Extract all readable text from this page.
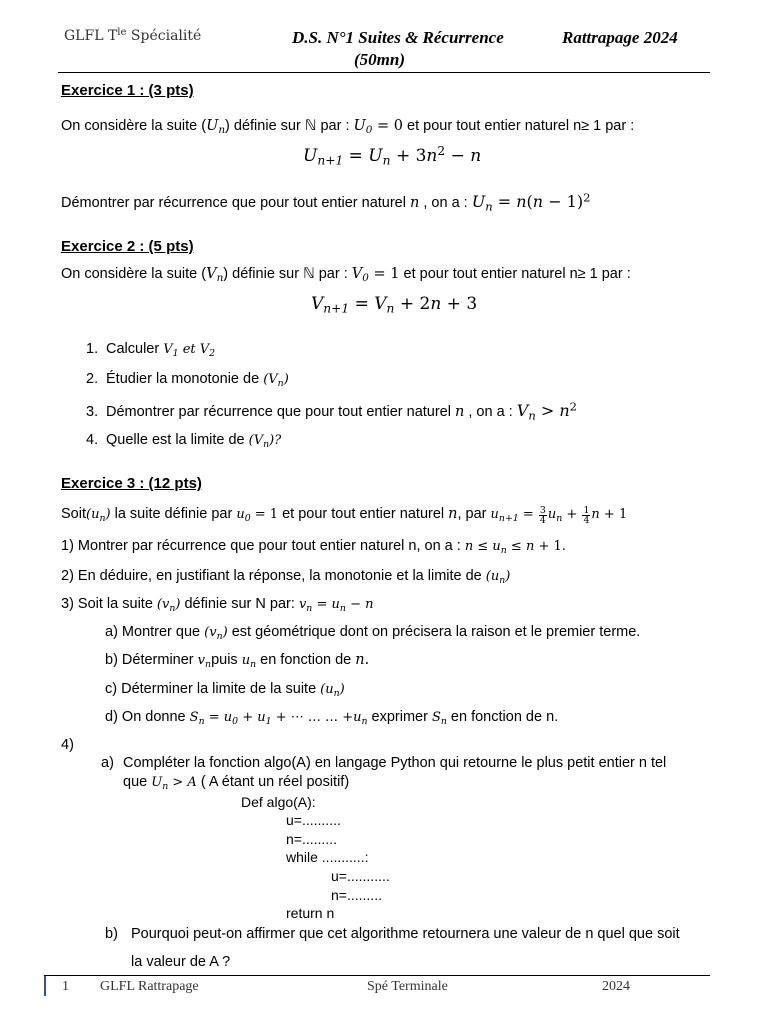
GLFL $T^{le}$ Spécialité	D.S. N°1 Suites & Récurrence	Rattrapage 2024
(50mn)
Exercice 1 : (3 pts)
On considère la suite $(U_n)$ définie sur ℕ par : $U_0 = 0$ et pour tout entier naturel n≥ 1 par :
$U_{n+1} = U_n + 3n^2 - n$
Démontrer par récurrence que pour tout entier naturel n , on a : $U_n = n(n - 1)^2$
Exercice 2 : (5 pts)
On considère la suite $(V_n)$ définie sur ℕ par : $V_0 = 1$ et pour tout entier naturel n≥ 1 par :
$V_{n+1} = V_n + 2n + 3$
1. Calculer $V_1$ et $V_2$
2. Étudier la monotonie de $(V_n)$
3. Démontrer par récurrence que pour tout entier naturel n , on a : $V_n > n^2$
4. Quelle est la limite de $(V_n)$?
Exercice 3 : (12 pts)
$Soit(u_n)$ la suite définie par $u_0 = 1$ et pour tout entier naturel n, par $u_{n+1} = \frac{3}{4} u_n + \frac{1}{4}$ n + 1
1) Montrer par récurrence que pour tout entier naturel n, on a : $n \le u_n \le n + 1$.
2) En déduire, en justifiant la réponse, la monotonie et la limite de $(u_n)$
3) Soit la suite $(v_n)$ définie sur N par: $v_n = u_n - n$
a) Montrer que $(v_n)$ est géométrique dont on précisera la raison et le premier terme.
b) Déterminer $v_npuis$ $u_n$ en fonction de n.
c) Déterminer la limite de la suite $(u_n)$
d) On donne $S_n = u_0 + u_1$ + ⋯ … … $+u_n$ exprimer $S_n$ en fonction de n.
4)
a) Compléter la fonction algo(A) en langage Python qui retourne le plus petit entier n tel
que $U_n > A$ ( A étant un réel positif)
Def algo(A):
u=..........
n=.........
while ...........:
u=...........
n=.........
return n
b) Pourquoi peut-on affirmer que cet algorithme retournera une valeur de n quel que soit
la valeur de A ?
1 GLFL Rattrapage	Spé Terminale	2024
